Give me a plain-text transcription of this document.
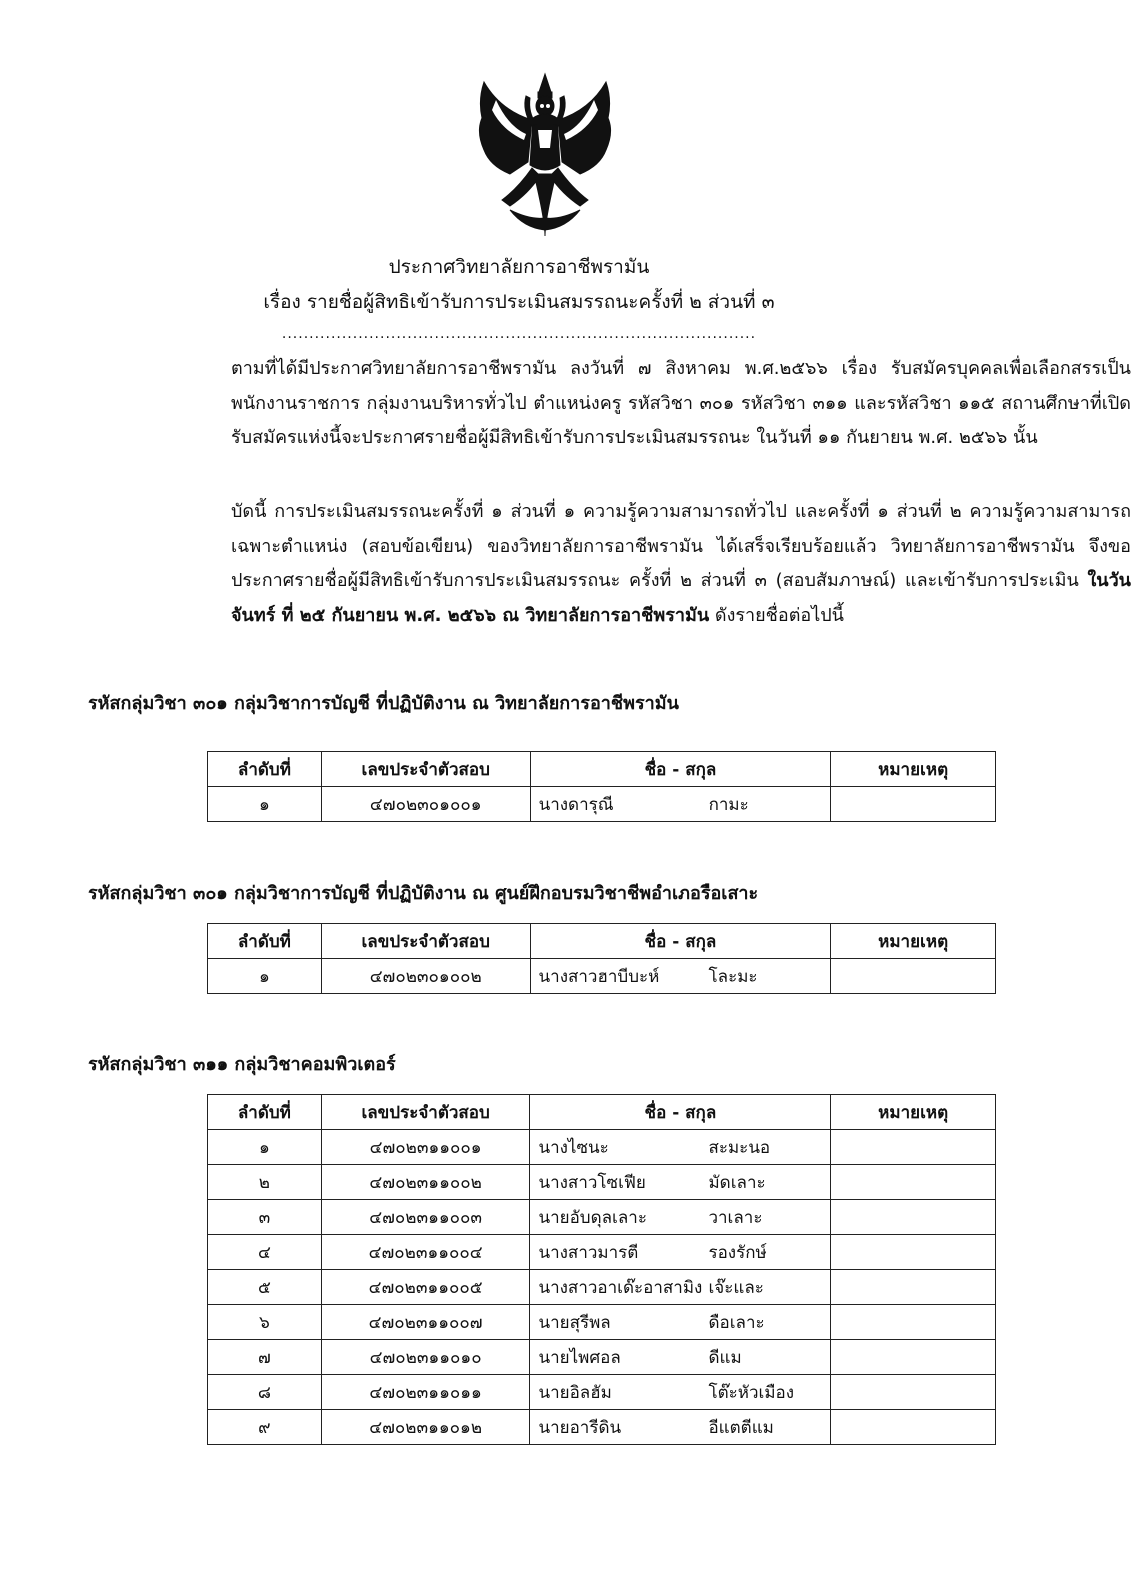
ประกาศวิทยาลัยการอาชีพรามัน
เรื่อง รายชื่อผู้สิทธิเข้ารับการประเมินสมรรถนะครั้งที่ ๒ ส่วนที่ ๓
.......................................................................................

ตามที่ได้มีประกาศวิทยาลัยการอาชีพรามัน ลงวันที่ ๗ สิงหาคม พ.ศ.๒๕๖๖ เรื่อง รับสมัครบุคคลเพื่อเลือกสรรเป็นพนักงานราชการ กลุ่มงานบริหารทั่วไป ตำแหน่งครู รหัสวิชา ๓๐๑ รหัสวิชา ๓๑๑ และรหัสวิชา ๑๑๕ สถานศึกษาที่เปิดรับสมัครแห่งนี้จะประกาศรายชื่อผู้มีสิทธิเข้ารับการประเมินสมรรถนะ ในวันที่ ๑๑ กันยายน พ.ศ. ๒๕๖๖ นั้น

บัดนี้ การประเมินสมรรถนะครั้งที่ ๑ ส่วนที่ ๑ ความรู้ความสามารถทั่วไป และครั้งที่ ๑ ส่วนที่ ๒ ความรู้ความสามารถเฉพาะตำแหน่ง (สอบข้อเขียน) ของวิทยาลัยการอาชีพรามัน ได้เสร็จเรียบร้อยแล้ว วิทยาลัยการอาชีพรามัน จึงขอประกาศรายชื่อผู้มีสิทธิเข้ารับการประเมินสมรรถนะ ครั้งที่ ๒ ส่วนที่ ๓ (สอบสัมภาษณ์) และเข้ารับการประเมิน ในวันจันทร์ ที่ ๒๕ กันยายน พ.ศ. ๒๕๖๖ ณ วิทยาลัยการอาชีพรามัน ดังรายชื่อต่อไปนี้

รหัสกลุ่มวิชา ๓๐๑ กลุ่มวิชาการบัญชี ที่ปฏิบัติงาน ณ วิทยาลัยการอาชีพรามัน
ลำดับที่	เลขประจำตัวสอบ	ชื่อ - สกุล	หมายเหตุ
๑	๔๗๐๒๓๐๑๐๐๑	นางดารุณี กามะ	
รหัสกลุ่มวิชา ๓๐๑ กลุ่มวิชาการบัญชี ที่ปฏิบัติงาน ณ ศูนย์ฝึกอบรมวิชาชีพอำเภอรือเสาะ
ลำดับที่	เลขประจำตัวสอบ	ชื่อ - สกุล	หมายเหตุ
๑	๔๗๐๒๓๐๑๐๐๒	นางสาวฮาบีบะห์ โละมะ	
รหัสกลุ่มวิชา ๓๑๑ กลุ่มวิชาคอมพิวเตอร์
ลำดับที่	เลขประจำตัวสอบ	ชื่อ - สกุล	หมายเหตุ
๑	๔๗๐๒๓๑๑๐๐๑	นางไซนะ สะมะนอ	
๒	๔๗๐๒๓๑๑๐๐๒	นางสาวโซเฟีย มัดเลาะ	
๓	๔๗๐๒๓๑๑๐๐๓	นายอับดุลเลาะ วาเลาะ	
๔	๔๗๐๒๓๑๑๐๐๔	นางสาวมารตี รองรักษ์	
๕	๔๗๐๒๓๑๑๐๐๕	นางสาวอาเด๊ะอาสามิง เจ๊ะและ	
๖	๔๗๐๒๓๑๑๐๐๗	นายสุรีพล ดือเลาะ	
๗	๔๗๐๒๓๑๑๐๑๐	นายไพศอล ดีแม	
๘	๔๗๐๒๓๑๑๐๑๑	นายอิลฮัม โต๊ะหัวเมือง	
๙	๔๗๐๒๓๑๑๐๑๒	นายอารีดิน อีแตตีแม	
